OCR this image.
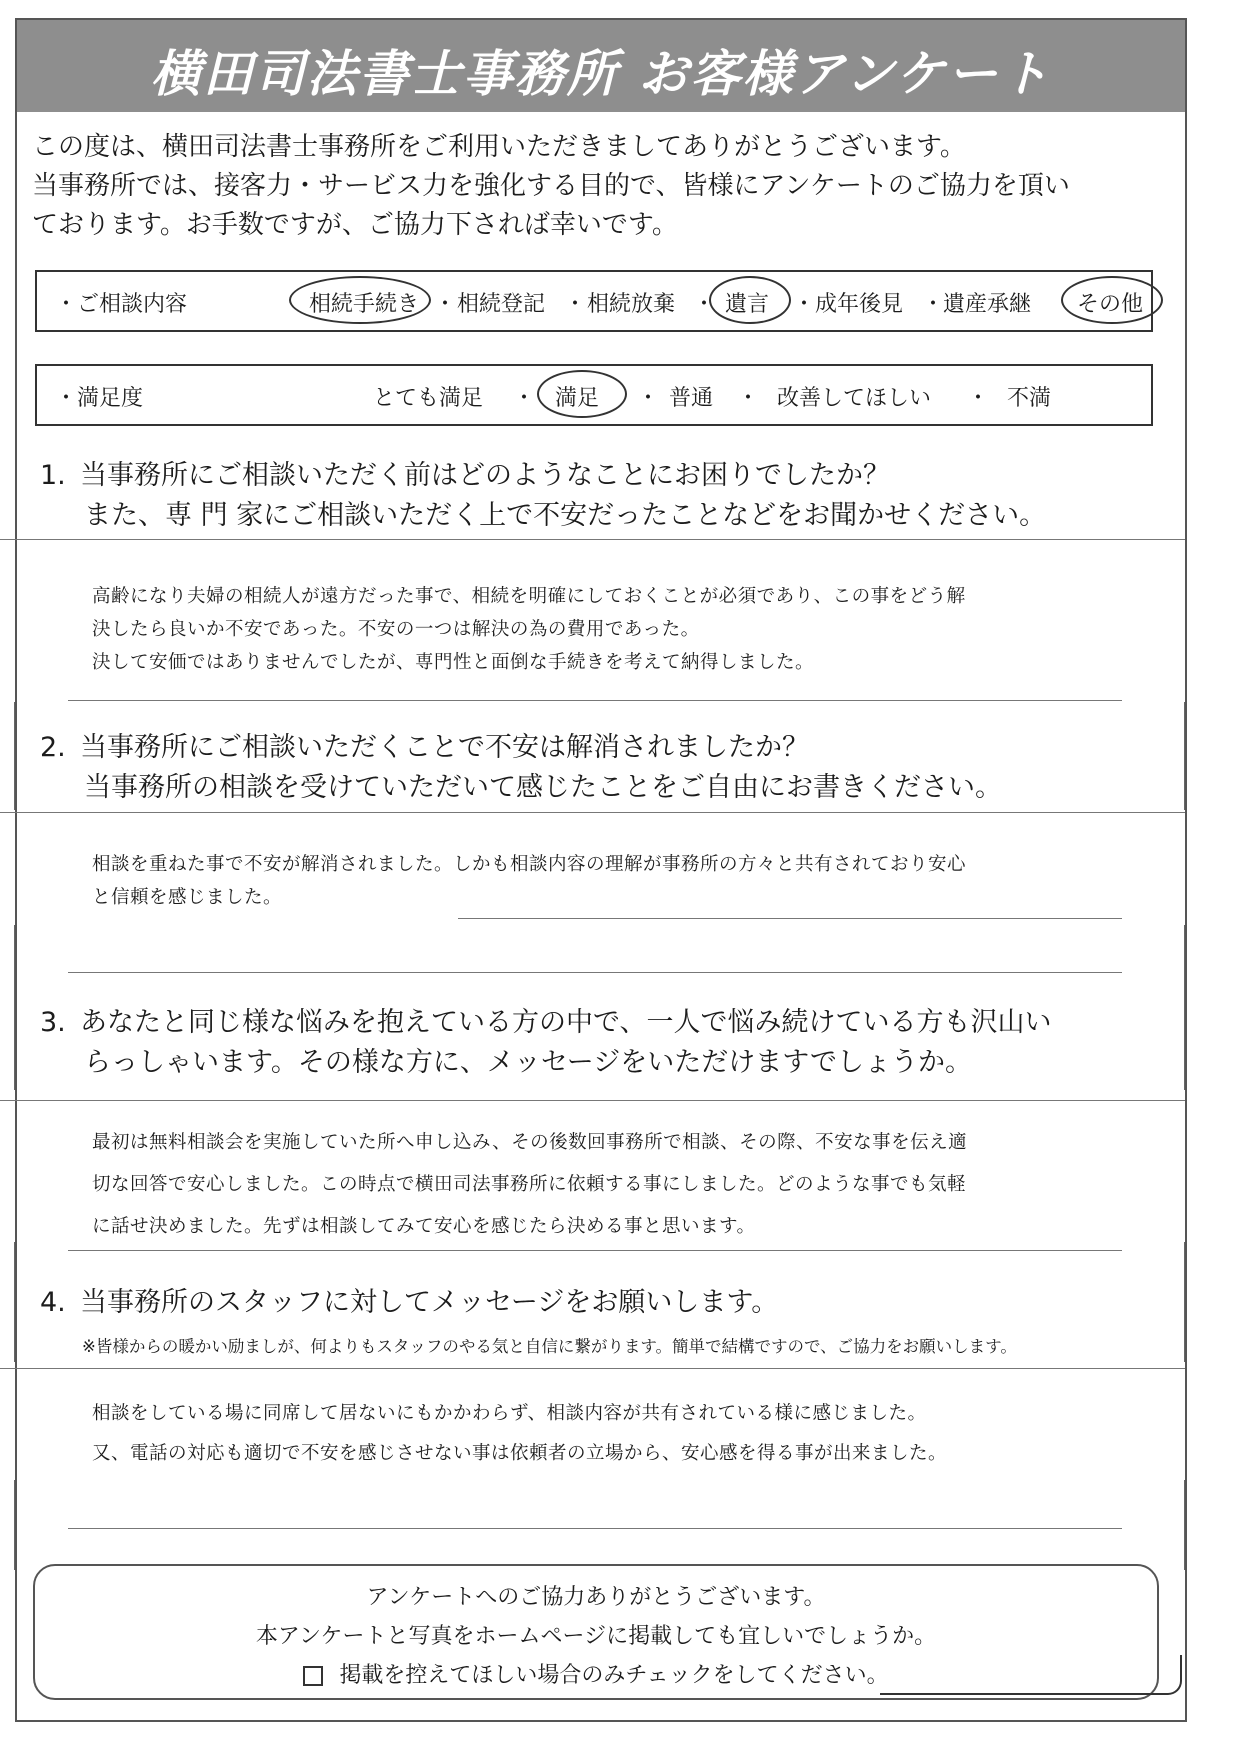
横田司法書士事務所 お客様アンケート
この度は、横田司法書士事務所をご利用いただきましてありがとうございます。
当事務所では、接客力・サービス力を強化する目的で、皆様にアンケートのご協力を頂い
ております。お手数ですが、ご協力下されば幸いです。
・ご相談内容	相続手続き ・ 相続登記 ・ 相続放棄 ・ 遺言 ・ 成年後見 ・
遺産承継 その他
・満足度	とても満足 ・ 満足 ・ 普通 ・ 改善してほしい ・ 不満
1. 当事務所にご相談いただく前はどのようなことにお困りでしたか？
また、専 門 家にご相談いただく上で不安だったことなどをお聞かせください。

高齢になり夫婦の相続人が遠方だった事で、相続を明確にしておくことが必須であり、この事をどう解

決したら良いか不安であった。不安の一つは解決の為の費用であった。

決して安価ではありませんでしたが、専門性と面倒な手続きを考えて納得しました。

2. 当事務所にご相談いただくことで不安は解消されましたか？
当事務所の相談を受けていただいて感じたことをご自由にお書きください。

相談を重ねた事で不安が解消されました。しかも相談内容の理解が事務所の方々と共有されており安心

と信頼を感じました。

3. あなたと同じ様な悩みを抱えている方の中で、一人で悩み続けている方も沢山い
らっしゃいます。その様な方に、メッセージをいただけますでしょうか。

最初は無料相談会を実施していた所へ申し込み、その後数回事務所で相談、その際、不安な事を伝え適

切な回答で安心しました。この時点で横田司法事務所に依頼する事にしました。どのような事でも気軽

に話せ決めました。先ずは相談してみて安心を感じたら決める事と思います。

4. 当事務所のスタッフに対してメッセージをお願いします。
※皆様からの暖かい励ましが、何よりもスタッフのやる気と自信に繋がります。簡単で結構ですので、ご協力をお願いします。

相談をしている場に同席して居ないにもかかわらず、相談内容が共有されている様に感じました。

又、電話の対応も適切で不安を感じさせない事は依頼者の立場から、安心感を得る事が出来ました。

アンケートへのご協力ありがとうございます。

本アンケートと写真をホームページに掲載しても宜しいでしょうか。

掲載を控えてほしい場合のみチェックをしてください。
